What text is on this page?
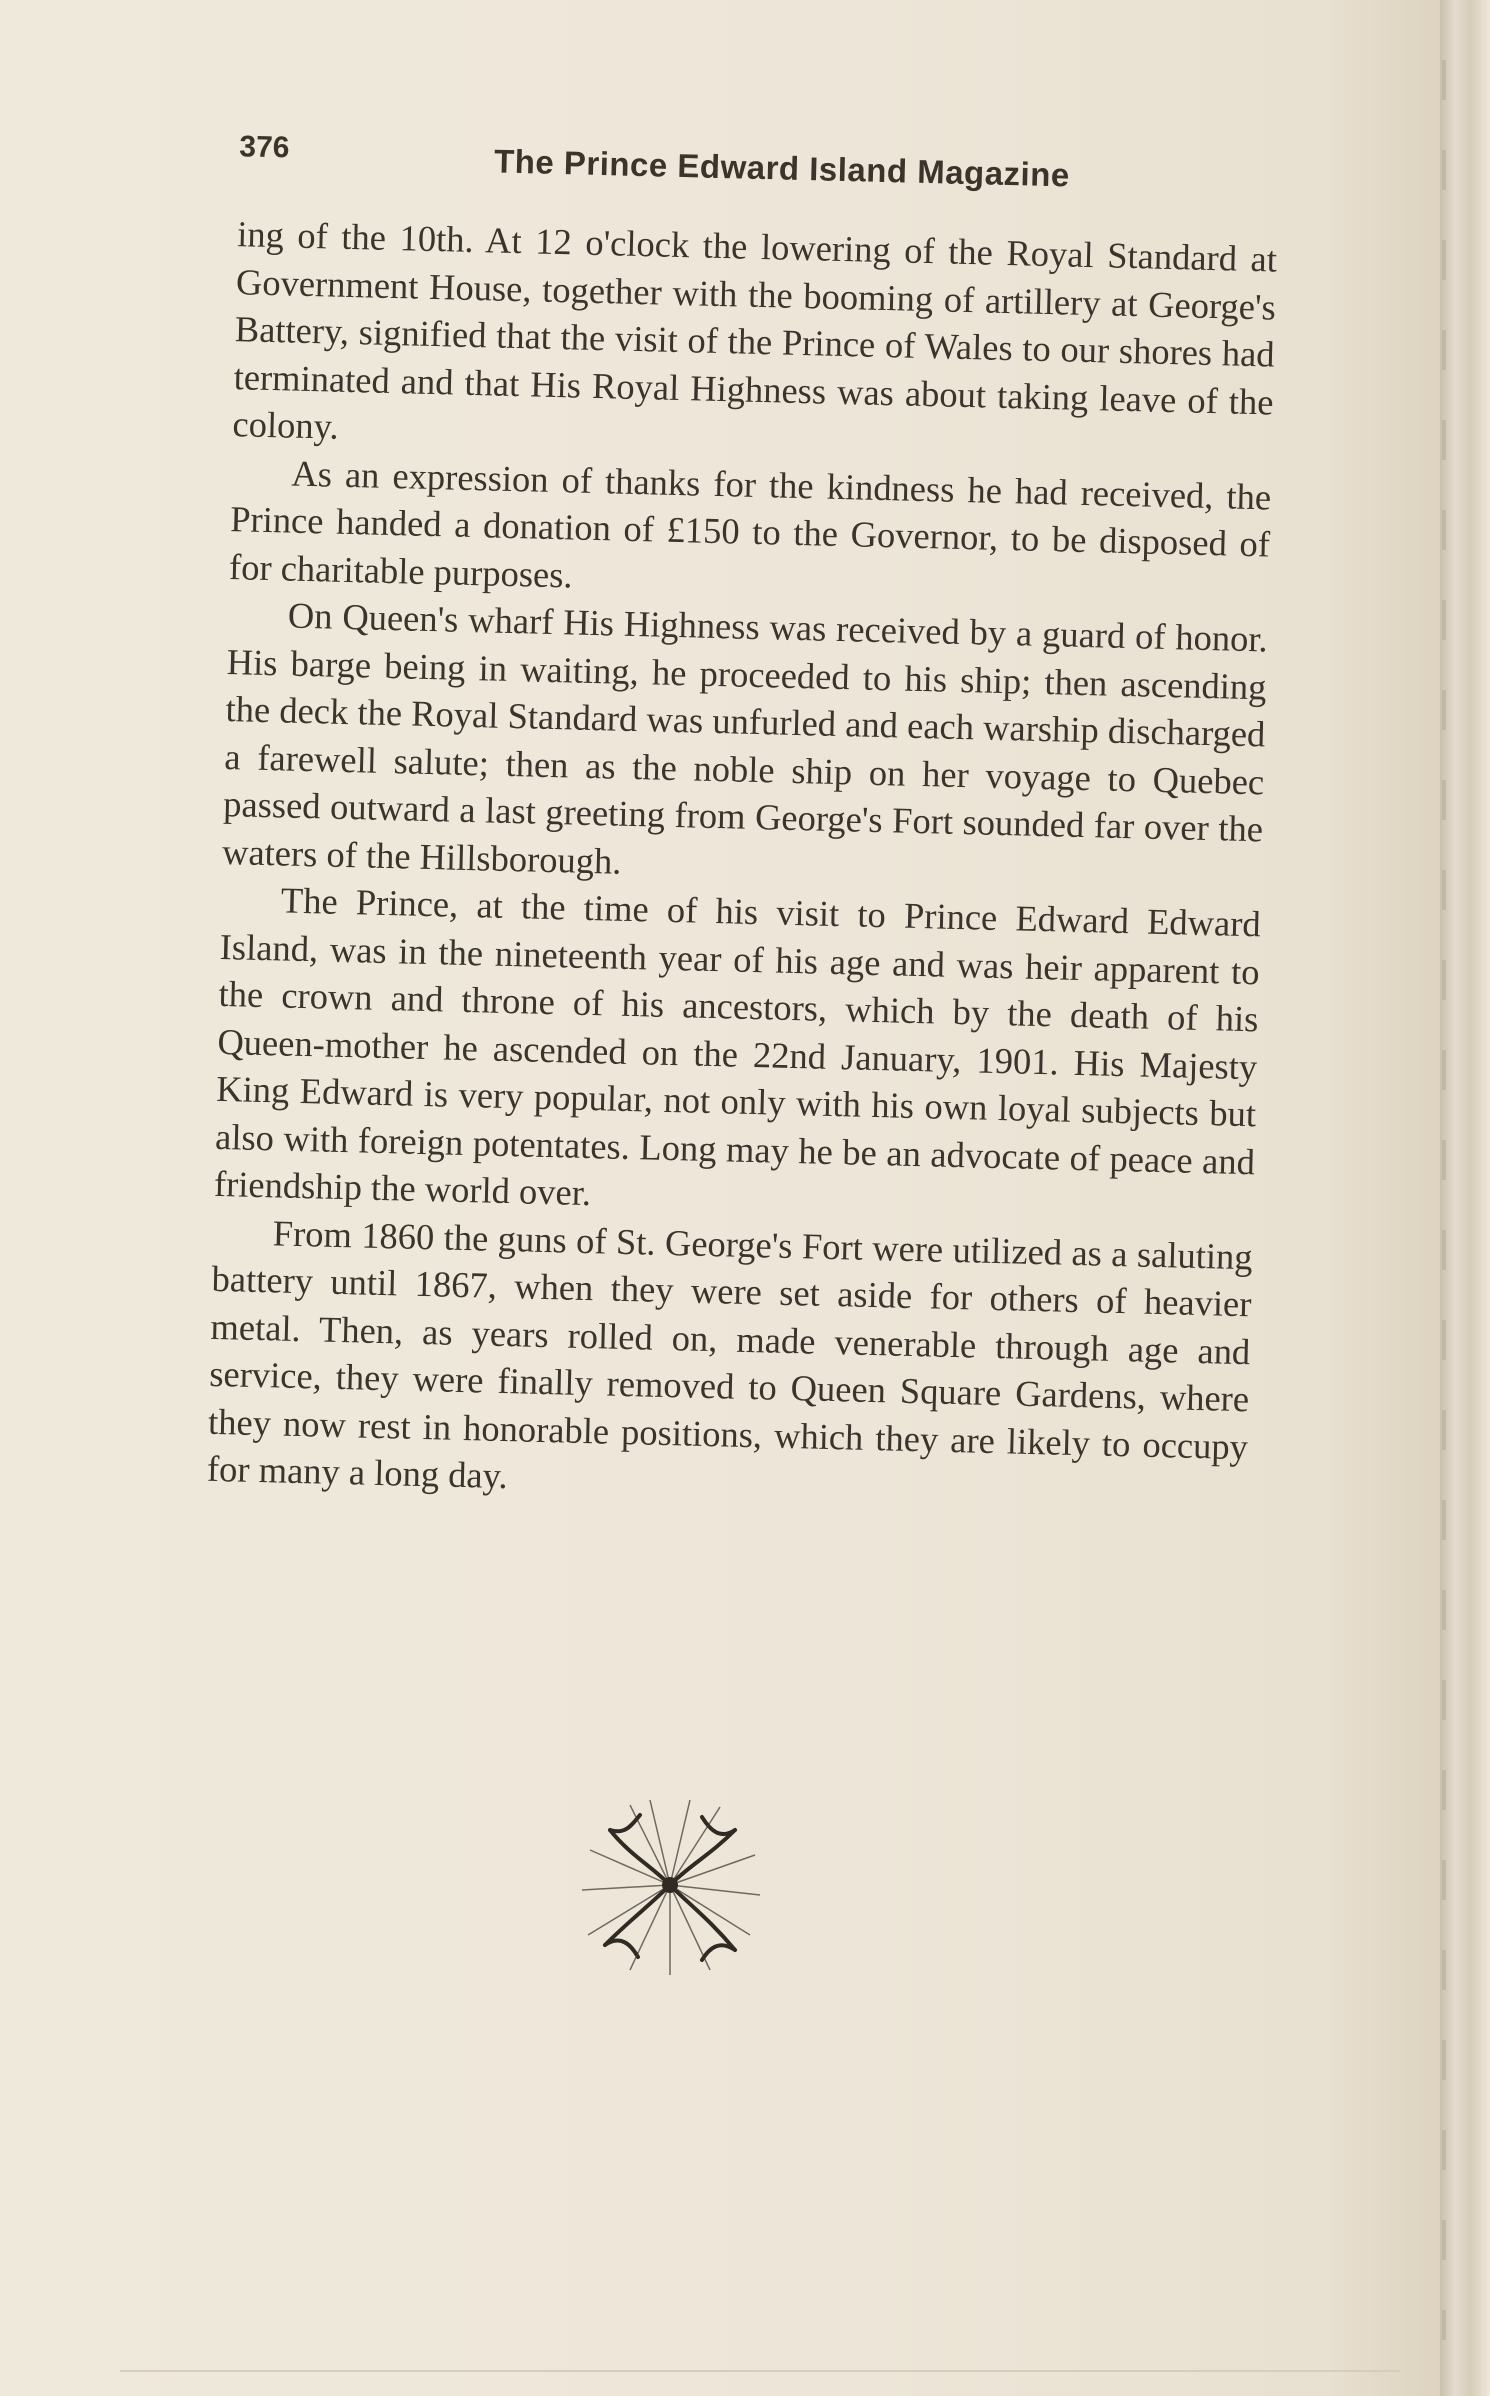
376	The Prince Edward Island Magazine

ing of the 10th. At 12 o'clock the lowering of the Royal Standard at Government House, together with the booming of artillery at George's Battery, signified that the visit of the Prince of Wales to our shores had terminated and that His Royal Highness was about taking leave of the colony.

As an expression of thanks for the kindness he had received, the Prince handed a donation of £150 to the Governor, to be disposed of for charitable purposes.

On Queen's wharf His Highness was received by a guard of honor. His barge being in waiting, he proceeded to his ship; then ascending the deck the Royal Standard was unfurled and each warship discharged a farewell salute; then as the noble ship on her voyage to Quebec passed outward a last greeting from George's Fort sounded far over the waters of the Hillsborough.

The Prince, at the time of his visit to Prince Edward Edward Island, was in the nineteenth year of his age and was heir apparent to the crown and throne of his ancestors, which by the death of his Queen-mother he ascended on the 22nd January, 1901. His Majesty King Edward is very popular, not only with his own loyal subjects but also with foreign potentates. Long may he be an advocate of peace and friendship the world over.

From 1860 the guns of St. George's Fort were utilized as a saluting battery until 1867, when they were set aside for others of heavier metal. Then, as years rolled on, made venerable through age and service, they were finally removed to Queen Square Gardens, where they now rest in honorable positions, which they are likely to occupy for many a long day.
